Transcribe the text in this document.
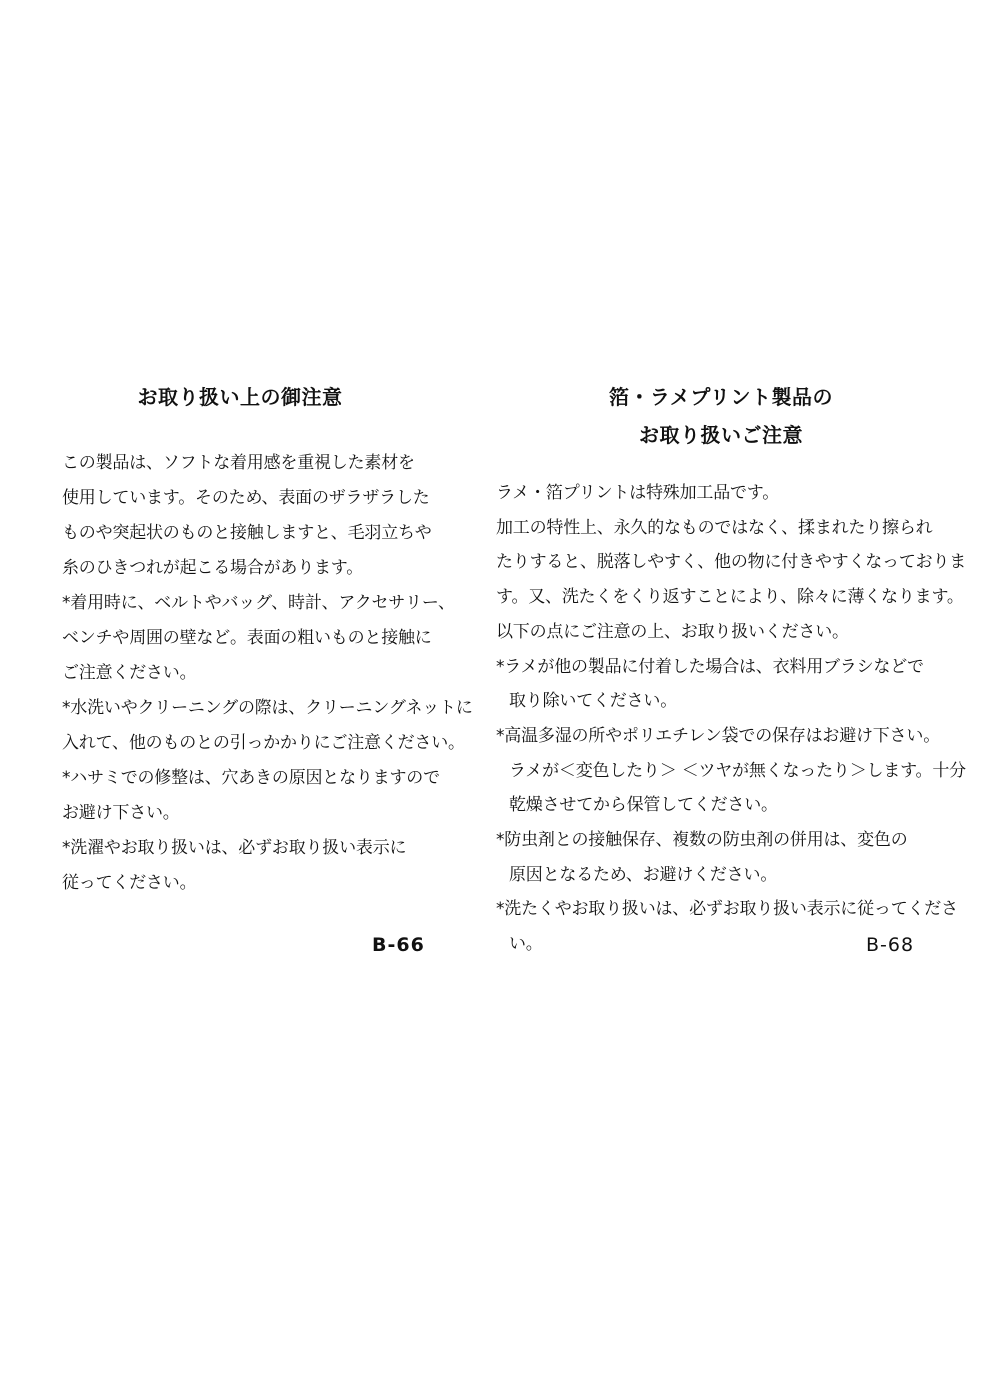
お取り扱い上の御注意
この製品は、ソフトな着用感を重視した素材を
使用しています。そのため、表面のザラザラした
ものや突起状のものと接触しますと、毛羽立ちや
糸のひきつれが起こる場合があります。
*着用時に、ベルトやバッグ、時計、アクセサリー、
ベンチや周囲の壁など。表面の粗いものと接触に
ご注意ください。
*水洗いやクリーニングの際は、クリーニングネットに
入れて、他のものとの引っかかりにご注意ください。
*ハサミでの修整は、穴あきの原因となりますので
お避け下さい。
*洗濯やお取り扱いは、必ずお取り扱い表示に
従ってください。
B-66
箔・ラメプリント製品の
お取り扱いご注意
ラメ・箔プリントは特殊加工品です。
加工の特性上、永久的なものではなく、揉まれたり擦られ
たりすると、脱落しやすく、他の物に付きやすくなっておりま
す。又、洗たくをくり返すことにより、除々に薄くなります。
以下の点にご注意の上、お取り扱いください。
*ラメが他の製品に付着した場合は、衣料用ブラシなどで
取り除いてください。
*高温多湿の所やポリエチレン袋での保存はお避け下さい。
ラメが＜変色したり＞ ＜ツヤが無くなったり＞します。十分
乾燥させてから保管してください。
*防虫剤との接触保存、複数の防虫剤の併用は、変色の
原因となるため、お避けください。
*洗たくやお取り扱いは、必ずお取り扱い表示に従ってくださ
い。	B-68
